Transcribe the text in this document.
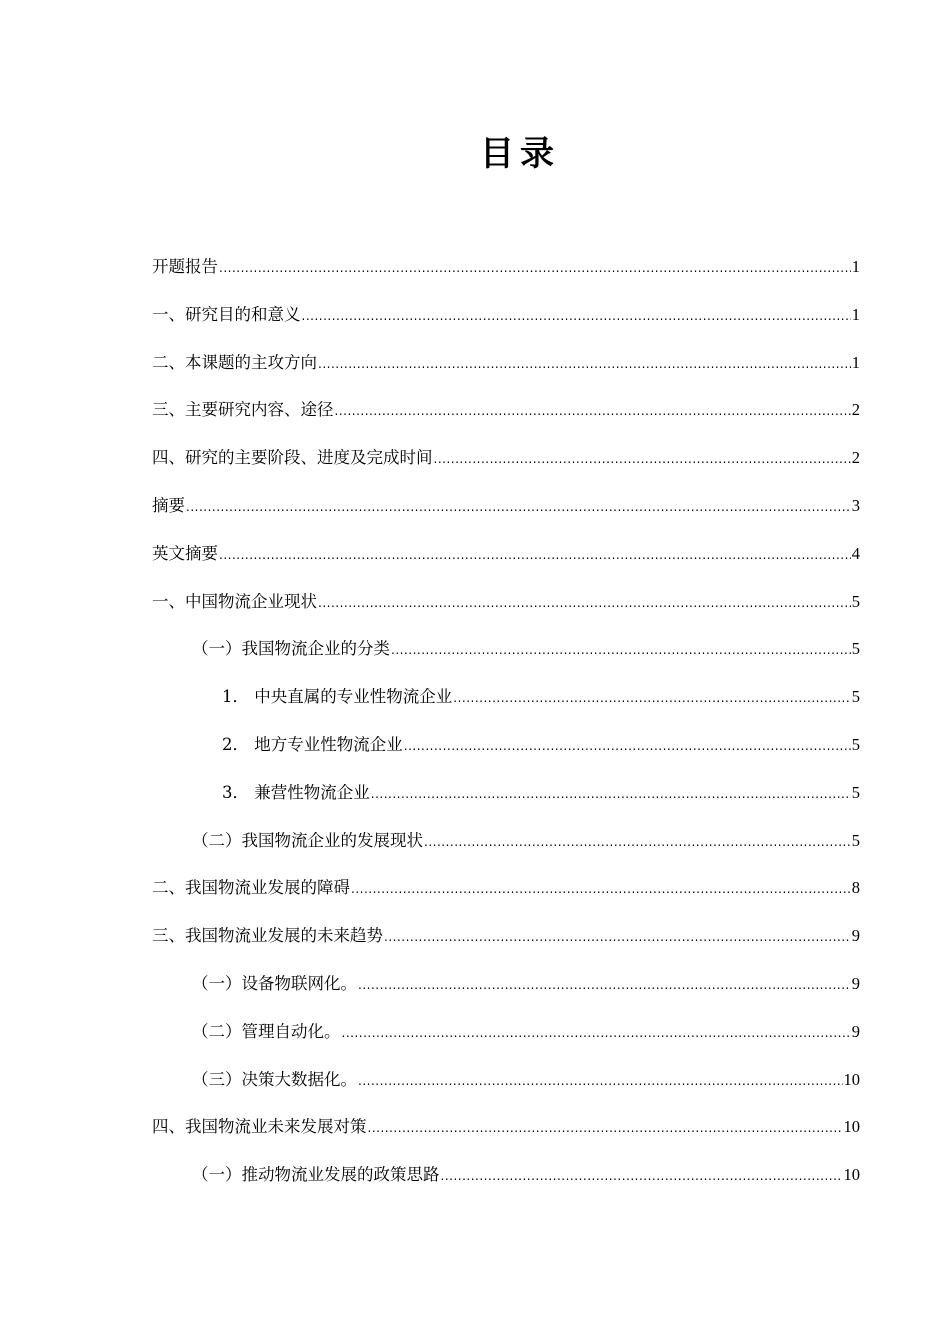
目录
开题报告 .....	1
一、研究目的和意义 .....	1
二、本课题的主攻方向 .....	1
三、主要研究内容、途径 .....	2
四、研究的主要阶段、进度及完成时间 .....	2
摘要 .....	3
英文摘要 .....	4
一、中国物流企业现状 .....	5
（一）我国物流企业的分类 .....	5
1． 中央直属的专业性物流企业 .....	5
2． 地方专业性物流企业 .....	5
3． 兼营性物流企业 .....	5
（二）我国物流企业的发展现状 .....	5
二、我国物流业发展的障碍 .....	8
三、我国物流业发展的未来趋势 .....	9
（一）设备物联网化。 .....	9
（二）管理自动化。 .....	9
（三）决策大数据化。 .....	10
四、我国物流业未来发展对策 .....	10
（一）推动物流业发展的政策思路 .....	10
